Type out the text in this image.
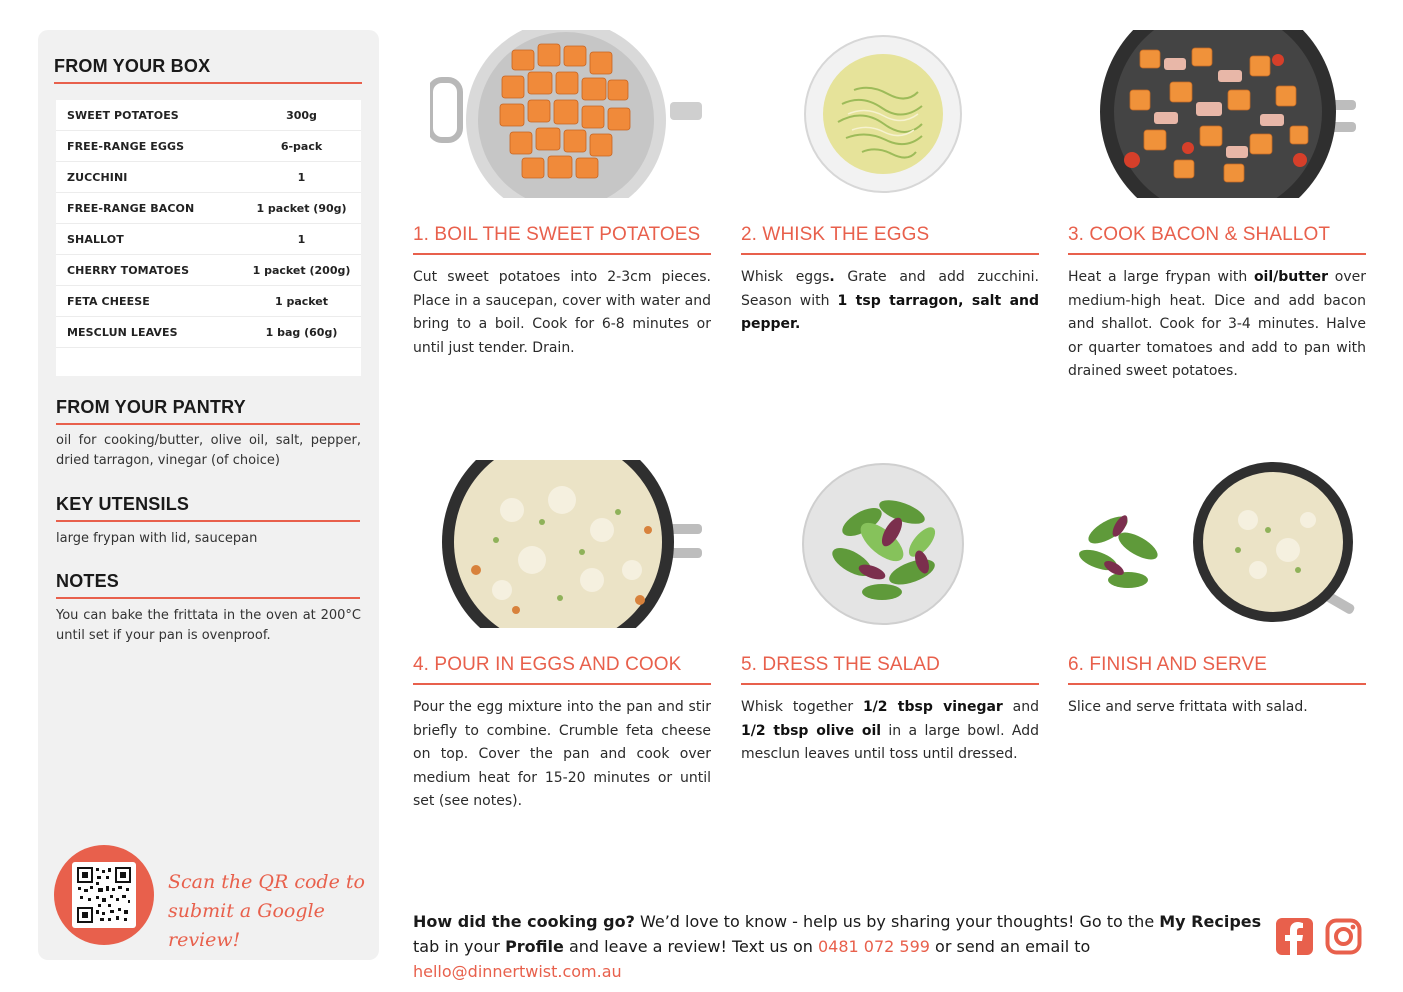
FROM YOUR BOX
SWEET POTATOES	300g
FREE-RANGE EGGS	6-pack
ZUCCHINI	1
FREE-RANGE BACON	1 packet (90g)
SHALLOT	1
CHERRY TOMATOES	1 packet (200g)
FETA CHEESE	1 packet
MESCLUN LEAVES	1 bag (60g)
FROM YOUR PANTRY
oil for cooking/butter, olive oil, salt, pepper, dried tarragon, vinegar (of choice)
KEY UTENSILS
large frypan with lid, saucepan
NOTES
You can bake the frittata in the oven at 200°C until set if your pan is ovenproof.
Scan the QR code to
submit a Google review!
1. BOIL THE SWEET POTATOES
Cut sweet potatoes into 2-3cm pieces. Place in a saucepan, cover with water and bring to a boil. Cook for 6-8 minutes or until just tender. Drain.
2. WHISK THE EGGS
Whisk eggs. Grate and add zucchini. Season with 1 tsp tarragon, salt and pepper.
3. COOK BACON & SHALLOT
Heat a large frypan with oil/butter over medium-high heat. Dice and add bacon and shallot. Cook for 3-4 minutes. Halve or quarter tomatoes and add to pan with drained sweet potatoes.
4. POUR IN EGGS AND COOK
Pour the egg mixture into the pan and stir briefly to combine. Crumble feta cheese on top. Cover the pan and cook over medium heat for 15-20 minutes or until set (see notes).
5. DRESS THE SALAD
Whisk together 1/2 tbsp vinegar and 1/2 tbsp olive oil in a large bowl. Add mesclun leaves until toss until dressed.
6. FINISH AND SERVE
Slice and serve frittata with salad.
How did the cooking go? We’d love to know - help us by sharing your thoughts! Go to the My Recipes tab in your Profile and leave a review! Text us on 0481 072 599 or send an email to hello@dinnertwist.com.au
